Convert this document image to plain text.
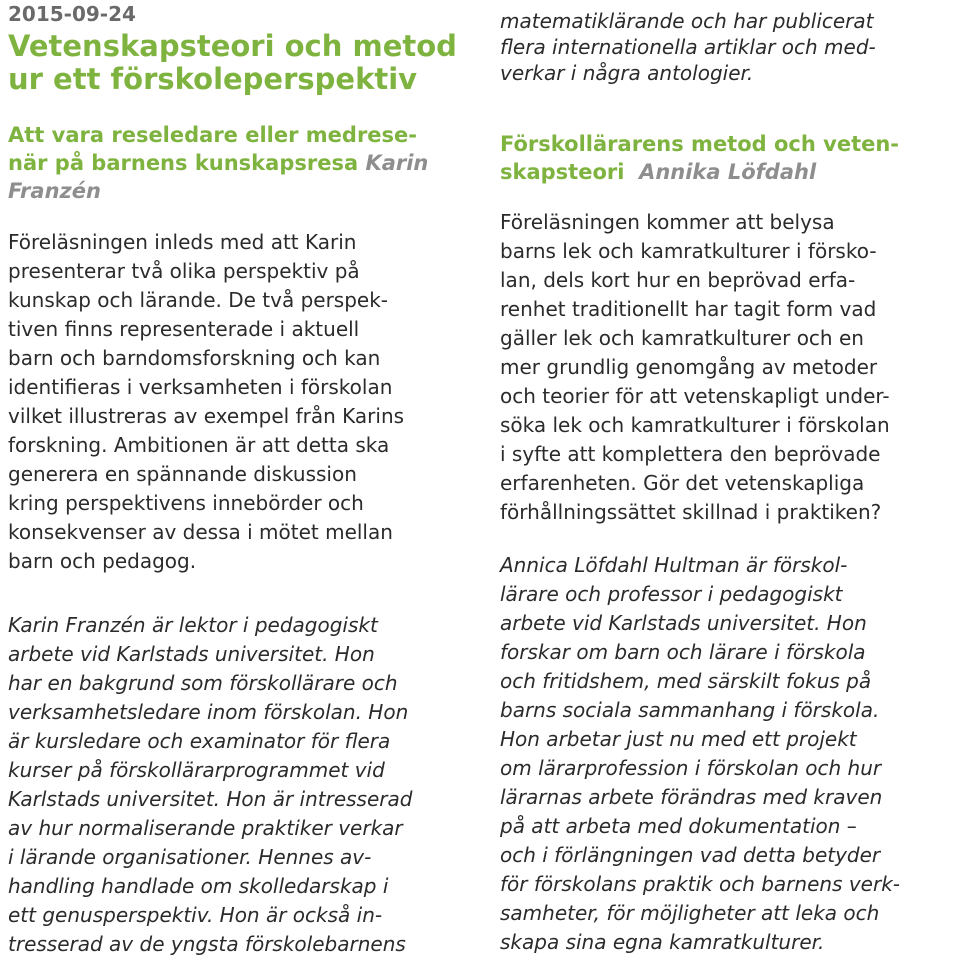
2015-09-24
Vetenskapsteori och metod
ur ett förskoleperspektiv
Att vara reseledare eller medrese-
när på barnens kunskapsresa Karin
Franzén
Föreläsningen inleds med att Karin
presenterar två olika perspektiv på
kunskap och lärande. De två perspek-
tiven finns representerade i aktuell
barn och barndomsforskning och kan
identifieras i verksamheten i förskolan
vilket illustreras av exempel från Karins
forskning. Ambitionen är att detta ska
generera en spännande diskussion
kring perspektivens innebörder och
konsekvenser av dessa i mötet mellan
barn och pedagog.
Karin Franzén är lektor i pedagogiskt
arbete vid Karlstads universitet. Hon
har en bakgrund som förskollärare och
verksamhetsledare inom förskolan. Hon
är kursledare och examinator för flera
kurser på förskollärarprogrammet vid
Karlstads universitet. Hon är intresserad
av hur normaliserande praktiker verkar
i lärande organisationer. Hennes av-
handling handlade om skolledarskap i
ett genusperspektiv. Hon är också in-
tresserad av de yngsta förskolebarnens
matematiklärande och har publicerat
flera internationella artiklar och med-
verkar i några antologier.
Förskollärarens metod och veten-
skapsteori Annika Löfdahl
Föreläsningen kommer att belysa
barns lek och kamratkulturer i försko-
lan, dels kort hur en beprövad erfa-
renhet traditionellt har tagit form vad
gäller lek och kamratkulturer och en
mer grundlig genomgång av metoder
och teorier för att vetenskapligt under-
söka lek och kamratkulturer i förskolan
i syfte att komplettera den beprövade
erfarenheten. Gör det vetenskapliga
förhållningssättet skillnad i praktiken?
Annica Löfdahl Hultman är förskol-
lärare och professor i pedagogiskt
arbete vid Karlstads universitet. Hon
forskar om barn och lärare i förskola
och fritidshem, med särskilt fokus på
barns sociala sammanhang i förskola.
Hon arbetar just nu med ett projekt
om lärarprofession i förskolan och hur
lärarnas arbete förändras med kraven
på att arbeta med dokumentation –
och i förlängningen vad detta betyder
för förskolans praktik och barnens verk-
samheter, för möjligheter att leka och
skapa sina egna kamratkulturer.
